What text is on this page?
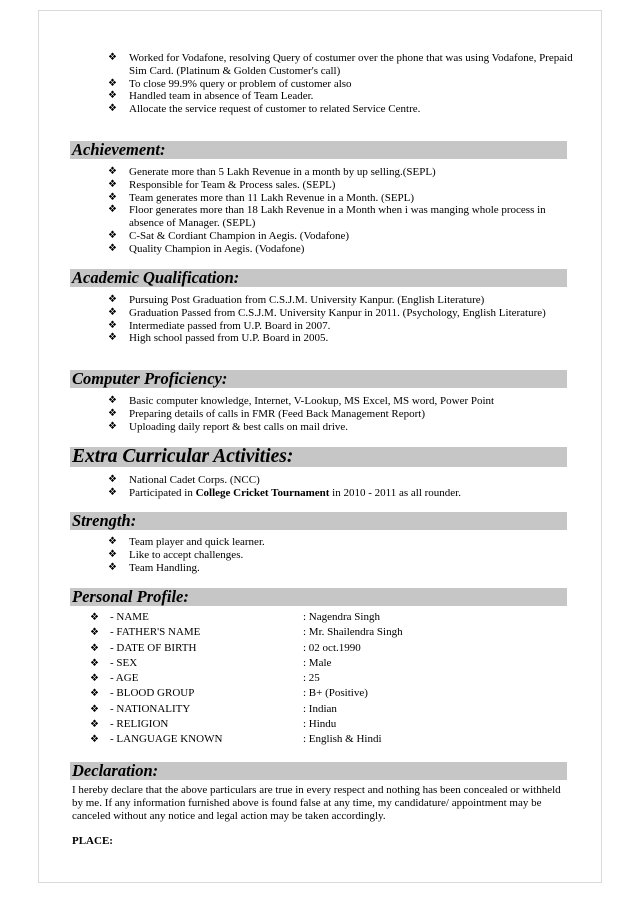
❖ Worked for Vodafone, resolving Query of costumer over the phone that was using Vodafone, Prepaid Sim Card. (Platinum & Golden Customer's call)
❖ To close 99.9% query or problem of customer also
❖ Handled team in absence of Team Leader.
❖ Allocate the service request of customer to related Service Centre.
Achievement:
❖ Generate more than 5 Lakh Revenue in a month by up selling.(SEPL)
❖ Responsible for Team & Process sales. (SEPL)
❖ Team generates more than 11 Lakh Revenue in a Month. (SEPL)
❖ Floor generates more than 18 Lakh Revenue in a Month when i was manging whole process in absence of Manager. (SEPL)
❖ C-Sat & Cordiant Champion in Aegis. (Vodafone)
❖ Quality Champion in Aegis. (Vodafone)
Academic Qualification:
❖ Pursuing Post Graduation from C.S.J.M. University Kanpur. (English Literature)
❖ Graduation Passed from C.S.J.M. University Kanpur in 2011. (Psychology, English Literature)
❖ Intermediate passed from U.P. Board in 2007.
❖ High school passed from U.P. Board in 2005.
Computer Proficiency:
❖ Basic computer knowledge, Internet, V-Lookup, MS Excel, MS word, Power Point
❖ Preparing details of calls in FMR (Feed Back Management Report)
❖ Uploading daily report & best calls on mail drive.
Extra Curricular Activities:
❖ National Cadet Corps. (NCC)
❖ Participated in College Cricket Tournament in 2010 - 2011 as all rounder.
Strength:
❖ Team player and quick learner.
❖ Like to accept challenges.
❖ Team Handling.
Personal Profile:
❖ - NAME	: Nagendra Singh
❖ - FATHER'S NAME	: Mr. Shailendra Singh
❖ - DATE OF BIRTH	: 02 oct.1990
❖ - SEX	: Male
❖ - AGE	: 25
❖ - BLOOD GROUP	: B+ (Positive)
❖ - NATIONALITY	: Indian
❖ - RELIGION	: Hindu
❖ - LANGUAGE KNOWN	: English & Hindi
Declaration:
I hereby declare that the above particulars are true in every respect and nothing has been concealed or withheld by me. If any information furnished above is found false at any time, my candidature/ appointment may be canceled without any notice and legal action may be taken accordingly.
PLACE:
